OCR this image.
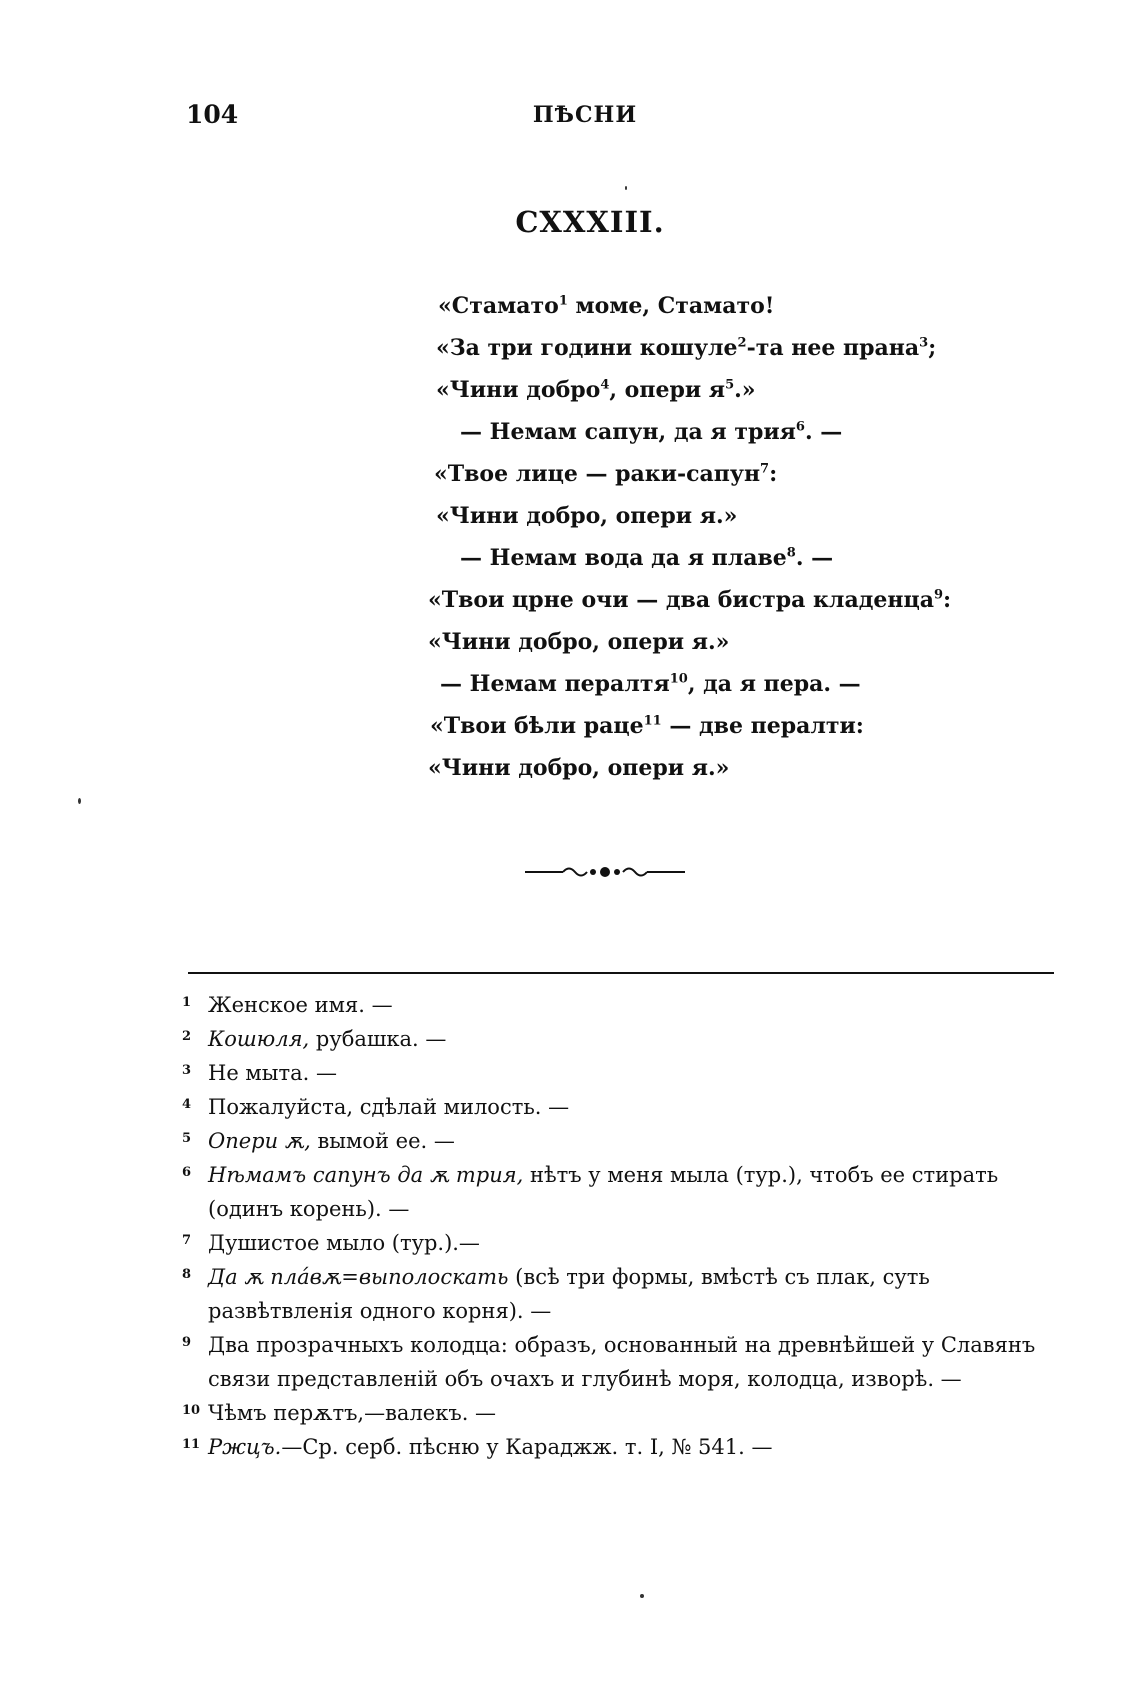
104	ПѢСНИ
CXXXIII.
«Стамато$^1$ моме, Стамато!
«За три години кошуле$^2$-та нее прана$^3$;
«Чини добро$^4$, опери $я^5$.»
— Немам сапун, да я трия$^6$. —
«Твое лице — раки-сапун$^7$:
«Чини добро, опери я.»
— Немам вода да я плаве$^8$. —
«Твои црне очи — два бистра кладенца$^9$:
«Чини добро, опери я.»
— Немам пералтя$^{10}$, да я пера. —
«Твои бѣли раце$^{11}$ — две пералти:
«Чини добро, опери я.»
1 Женское имя. —
2 Кошюля, рубашка. —
3 Не мыта. —
4 Пожалуйста, сдѣлай милость. —
5 Опери ѫ, вымой ее. —
6 Нѣмамъ сапунъ да ѫ трия, нѣтъ у меня мыла (тур.), чтобъ ее стирать (одинъ корень). —
7 Душистое мыло (тур.).—
8 Да ѫ плáвѫ=выполоскать (всѣ три формы, вмѣстѣ съ плак, суть развѣтвленія одного корня). —
9 Два прозрачныхъ колодца: образъ, основанный на древнѣйшей у Славянъ связи представленій объ очахъ и глубинѣ моря, колодца, изворѣ. —
10 Чѣмъ перѫтъ,—валекъ. —
11 Ржцъ.—Ср. серб. пѣсню у Караджж. т. I, № 541. —
